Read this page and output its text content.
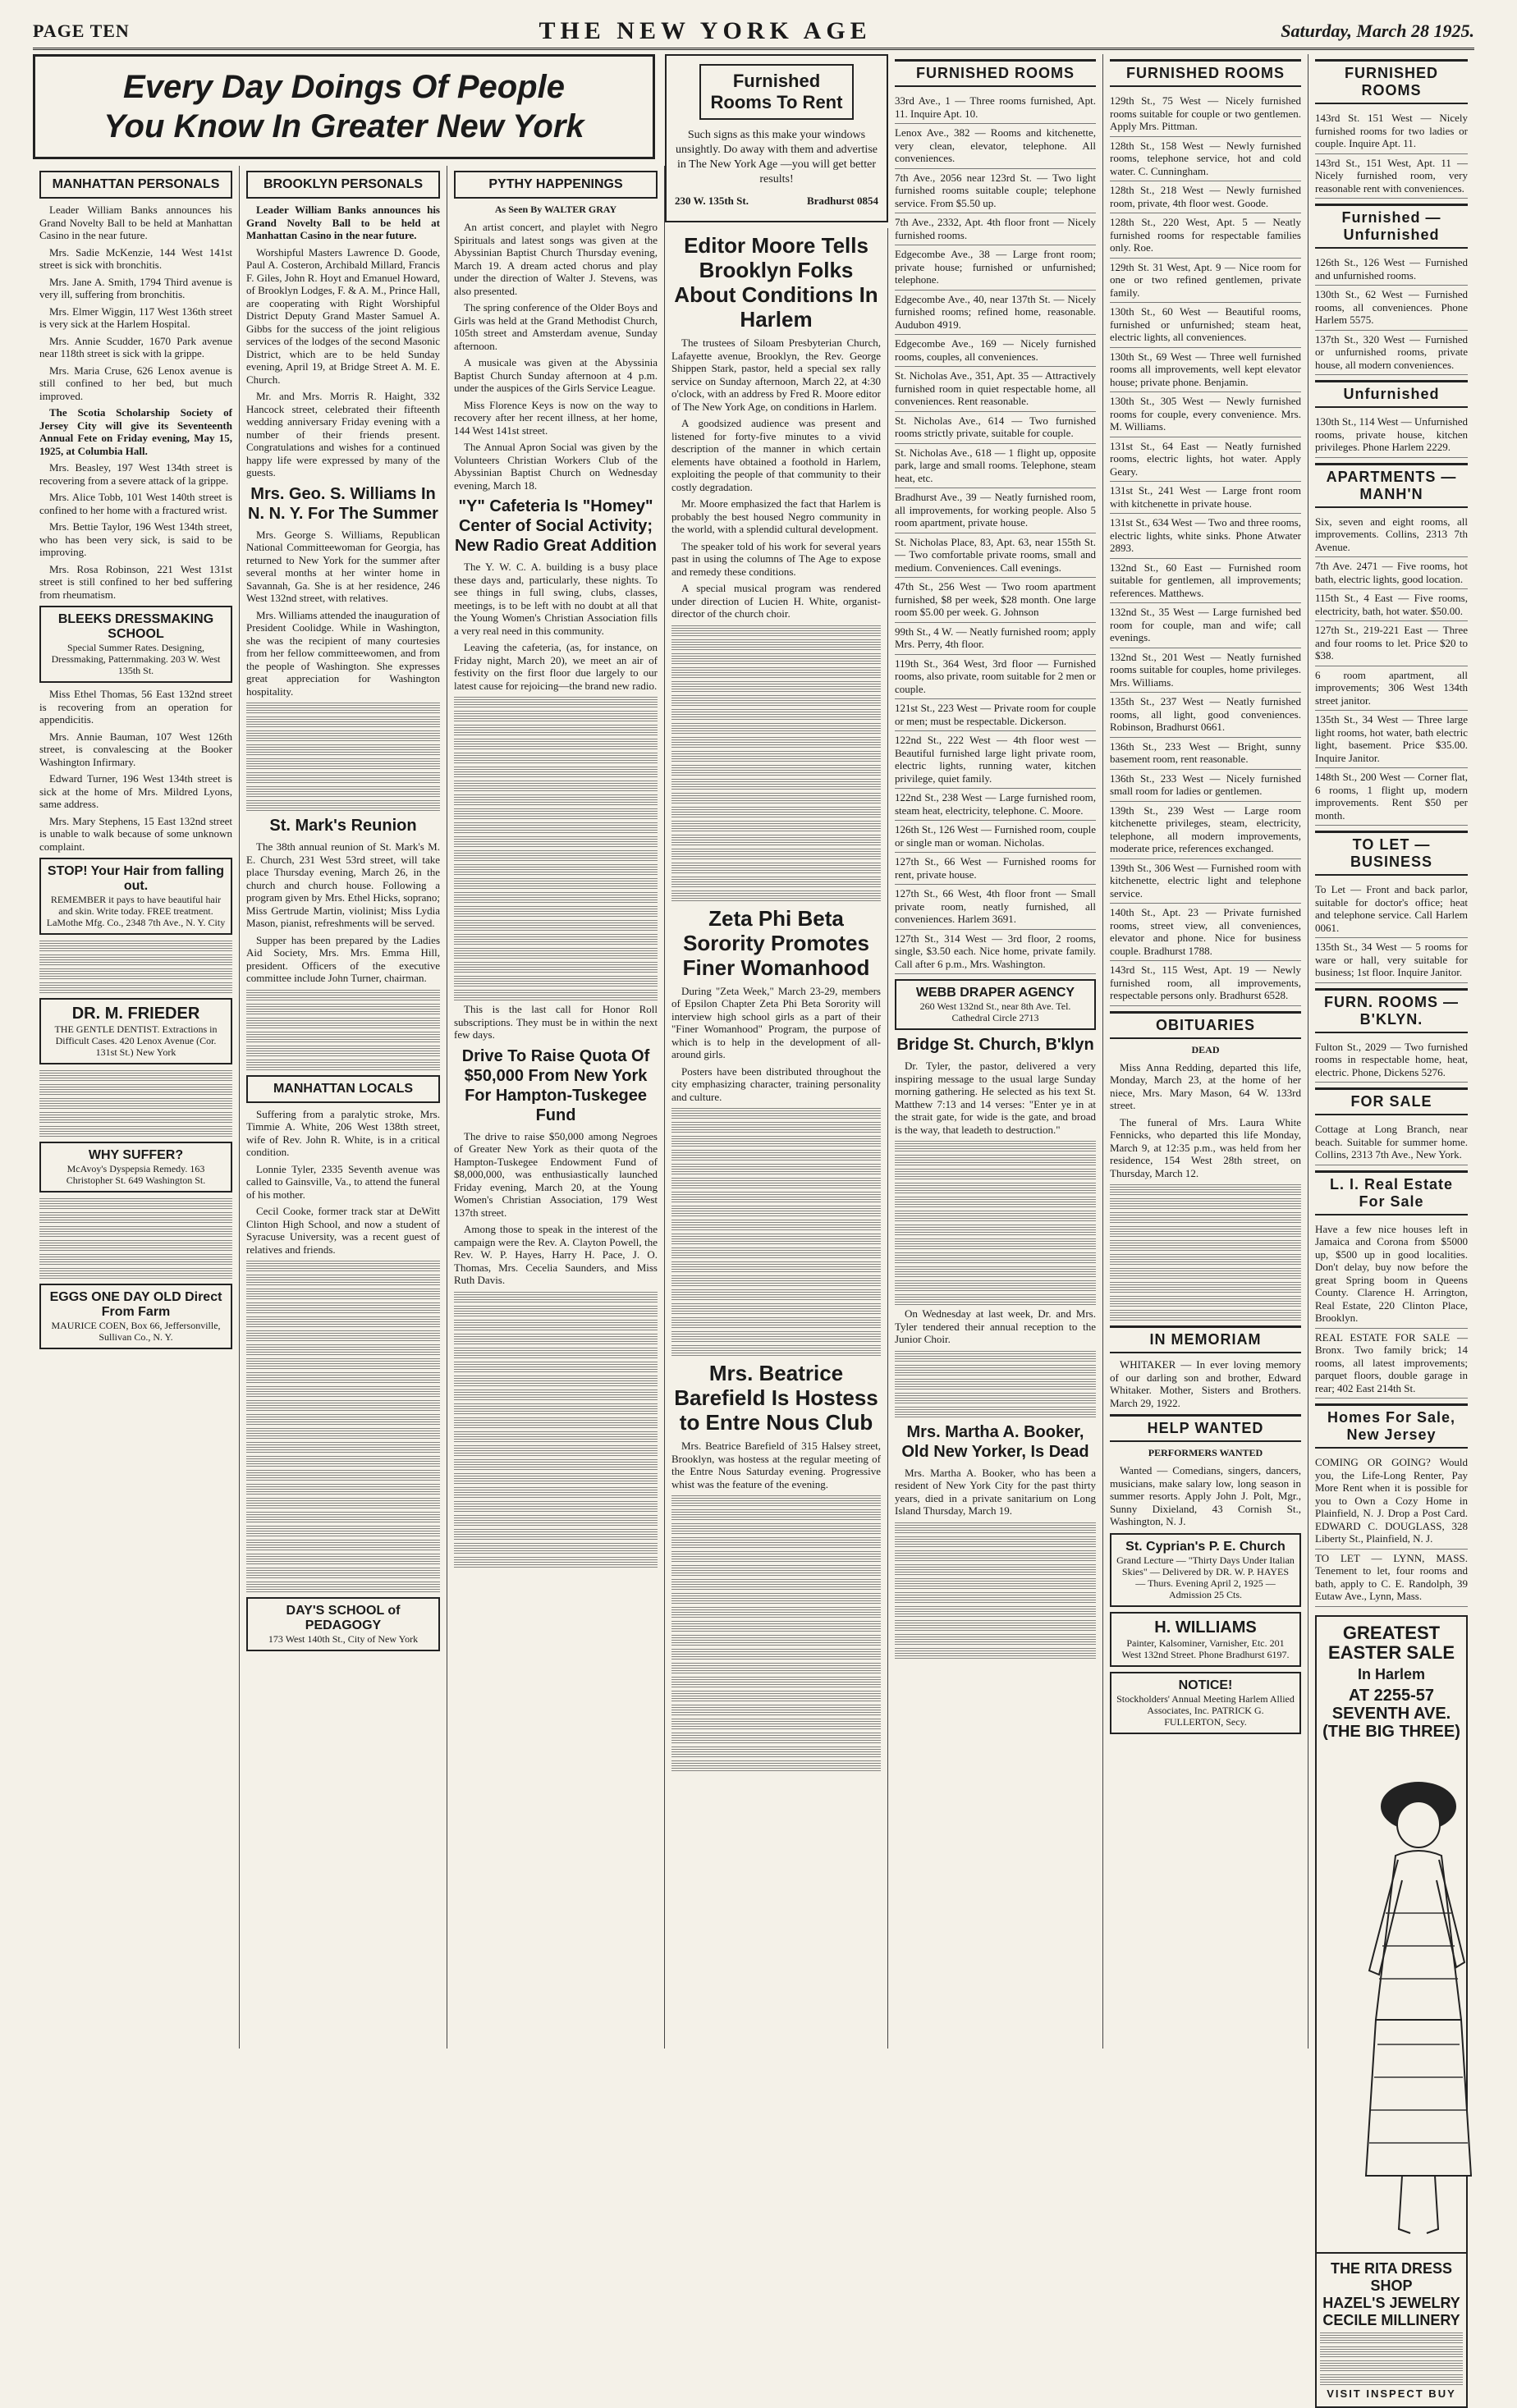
PAGE TEN	THE NEW YORK AGE	Saturday, March 28 1925.
Every Day Doings Of People
You Know In Greater New York
Furnished Rooms To Rent
Such signs as this make your windows unsightly. Do away with them and advertise in The New York Age —you will get better results!
230 W. 135th St.	Bradhurst 0854
MANHATTAN PERSONALS

Leader William Banks announces his Grand Novelty Ball to be held at Manhattan Casino in the near future.

Mrs. Sadie McKenzie, 144 West 141st street is sick with bronchitis.

Mrs. Jane A. Smith, 1794 Third avenue is very ill, suffering from bronchitis.

Mrs. Elmer Wiggin, 117 West 136th street is very sick at the Harlem Hospital.

Mrs. Annie Scudder, 1670 Park avenue near 118th street is sick with la grippe.

Mrs. Maria Cruse, 626 Lenox avenue is still confined to her bed, but much improved.

The Scotia Scholarship Society of Jersey City will give its Seventeenth Annual Fete on Friday evening, May 15, 1925, at Columbia Hall.

Mrs. Beasley, 197 West 134th street is recovering from a severe attack of la grippe.

Mrs. Alice Tobb, 101 West 140th street is confined to her home with a fractured wrist.

Mrs. Bettie Taylor, 196 West 134th street, who has been very sick, is said to be improving.

Mrs. Rosa Robinson, 221 West 131st street is still confined to her bed suffering from rheumatism.

BLEEKS DRESSMAKING SCHOOL
Special Summer Rates. Designing, Dressmaking, Patternmaking. 203 W. West 135th St.

Miss Ethel Thomas, 56 East 132nd street is recovering from an operation for appendicitis.

Mrs. Annie Bauman, 107 West 126th street, is convalescing at the Booker Washington Infirmary.

Edward Turner, 196 West 134th street is sick at the home of Mrs. Mildred Lyons, same address.

Mrs. Mary Stephens, 15 East 132nd street is unable to walk because of some unknown complaint.

STOP! Your Hair from falling out.
REMEMBER it pays to have beautiful hair and skin. Write today. FREE treatment. LaMothe Mfg. Co., 2348 7th Ave., N. Y. City
DR. M. FRIEDER
THE GENTLE DENTIST. Extractions in Difficult Cases. 420 Lenox Avenue (Cor. 131st St.) New York
WHY SUFFER?
McAvoy's Dyspepsia Remedy. 163 Christopher St. 649 Washington St.
EGGS ONE DAY OLD Direct From Farm
MAURICE COEN, Box 66, Jeffersonville, Sullivan Co., N. Y.
BROOKLYN PERSONALS

Leader William Banks announces his Grand Novelty Ball to be held at Manhattan Casino in the near future.

Worshipful Masters Lawrence D. Goode, Paul A. Costeron, Archibald Millard, Francis F. Giles, John R. Hoyt and Emanuel Howard, of Brooklyn Lodges, F. & A. M., Prince Hall, are cooperating with Right Worshipful District Deputy Grand Master Samuel A. Gibbs for the success of the joint religious services of the lodges of the second Masonic District, which are to be held Sunday evening, April 19, at Bridge Street A. M. E. Church.

Mr. and Mrs. Morris R. Haight, 332 Hancock street, celebrated their fifteenth wedding anniversary Friday evening with a number of their friends present. Congratulations and wishes for a continued happy life were expressed by many of the guests.

Mrs. Geo. S. Williams In N. N. Y. For The Summer

Mrs. George S. Williams, Republican National Committeewoman for Georgia, has returned to New York for the summer after several months at her winter home in Savannah, Ga. She is at her residence, 246 West 132nd street, with relatives.

Mrs. Williams attended the inauguration of President Coolidge. While in Washington, she was the recipient of many courtesies from her fellow committeewomen, and from the people of Washington. She expresses great appreciation for Washington hospitality.

St. Mark's Reunion

The 38th annual reunion of St. Mark's M. E. Church, 231 West 53rd street, will take place Thursday evening, March 26, in the church and church house. Following a program given by Mrs. Ethel Hicks, soprano; Miss Gertrude Martin, violinist; Miss Lydia Mason, pianist, refreshments will be served.

Supper has been prepared by the Ladies Aid Society, Mrs. Mrs. Emma Hill, president. Officers of the executive committee include John Turner, chairman.

MANHATTAN LOCALS

Suffering from a paralytic stroke, Mrs. Timmie A. White, 206 West 138th street, wife of Rev. John R. White, is in a critical condition.

Lonnie Tyler, 2335 Seventh avenue was called to Gainsville, Va., to attend the funeral of his mother.

Cecil Cooke, former track star at DeWitt Clinton High School, and now a student of Syracuse University, was a recent guest of relatives and friends.

DAY'S SCHOOL of PEDAGOGY
173 West 140th St., City of New York
PYTHY HAPPENINGS
As Seen By WALTER GRAY

An artist concert, and playlet with Negro Spirituals and latest songs was given at the Abyssinian Baptist Church Thursday evening, March 19. A dream acted chorus and play under the direction of Walter J. Stevens, was also presented.

The spring conference of the Older Boys and Girls was held at the Grand Methodist Church, 105th street and Amsterdam avenue, Sunday afternoon.

A musicale was given at the Abyssinia Baptist Church Sunday afternoon at 4 p.m. under the auspices of the Girls Service League.

Miss Florence Keys is now on the way to recovery after her recent illness, at her home, 144 West 141st street.

The Annual Apron Social was given by the Volunteers Christian Workers Club of the Abyssinian Baptist Church on Wednesday evening, March 18.

"Y" Cafeteria Is "Homey" Center of Social Activity; New Radio Great Addition

The Y. W. C. A. building is a busy place these days and, particularly, these nights. To see things in full swing, clubs, classes, meetings, is to be left with no doubt at all that the Young Women's Christian Association fills a very real need in this community.

Leaving the cafeteria, (as, for instance, on Friday night, March 20), we meet an air of festivity on the first floor due largely to our latest cause for rejoicing—the brand new radio.

This is the last call for Honor Roll subscriptions. They must be in within the next few days.

Drive To Raise Quota Of $50,000 From New York For Hampton-Tuskegee Fund

The drive to raise $50,000 among Negroes of Greater New York as their quota of the Hampton-Tuskegee Endowment Fund of $8,000,000, was enthusiastically launched Friday evening, March 20, at the Young Women's Christian Association, 179 West 137th street.

Among those to speak in the interest of the campaign were the Rev. A. Clayton Powell, the Rev. W. P. Hayes, Harry H. Pace, J. O. Thomas, Mrs. Cecelia Saunders, and Miss Ruth Davis.

Editor Moore Tells Brooklyn Folks About Conditions In Harlem

The trustees of Siloam Presbyterian Church, Lafayette avenue, Brooklyn, the Rev. George Shippen Stark, pastor, held a special sex rally service on Sunday afternoon, March 22, at 4:30 o'clock, with an address by Fred R. Moore editor of The New York Age, on conditions in Harlem.

A goodsized audience was present and listened for forty-five minutes to a vivid description of the manner in which certain elements have obtained a foothold in Harlem, exploiting the people of that community to their costly degradation.

Mr. Moore emphasized the fact that Harlem is probably the best housed Negro community in the world, with a splendid cultural development.

The speaker told of his work for several years past in using the columns of The Age to expose and remedy these conditions.

A special musical program was rendered under direction of Lucien H. White, organist-director of the church choir.

Zeta Phi Beta Sorority Promotes Finer Womanhood

During "Zeta Week," March 23-29, members of Epsilon Chapter Zeta Phi Beta Sorority will interview high school girls as a part of their "Finer Womanhood" Program, the purpose of which is to help in the development of all-around girls.

Posters have been distributed throughout the city emphasizing character, training personality and culture.

Mrs. Beatrice Barefield Is Hostess to Entre Nous Club

Mrs. Beatrice Barefield of 315 Halsey street, Brooklyn, was hostess at the regular meeting of the Entre Nous Saturday evening. Progressive whist was the feature of the evening.

FURNISHED ROOMS
33rd Ave., 1 — Three rooms furnished, Apt. 11. Inquire Apt. 10.
Lenox Ave., 382 — Rooms and kitchenette, very clean, elevator, telephone. All conveniences.
7th Ave., 2056 near 123rd St. — Two light furnished rooms suitable couple; telephone service. From $5.50 up.
7th Ave., 2332, Apt. 4th floor front — Nicely furnished rooms.
Edgecombe Ave., 38 — Large front room; private house; furnished or unfurnished; telephone.
Edgecombe Ave., 40, near 137th St. — Nicely furnished rooms; refined home, reasonable. Audubon 4919.
Edgecombe Ave., 169 — Nicely furnished rooms, couples, all conveniences.
St. Nicholas Ave., 351, Apt. 35 — Attractively furnished room in quiet respectable home, all conveniences. Rent reasonable.
St. Nicholas Ave., 614 — Two furnished rooms strictly private, suitable for couple.
St. Nicholas Ave., 618 — 1 flight up, opposite park, large and small rooms. Telephone, steam heat, etc.
Bradhurst Ave., 39 — Neatly furnished room, all improvements, for working people. Also 5 room apartment, private house.
St. Nicholas Place, 83, Apt. 63, near 155th St. — Two comfortable private rooms, small and medium. Conveniences. Call evenings.
47th St., 256 West — Two room apartment furnished, $8 per week, $28 month. One large room $5.00 per week. G. Johnson
99th St., 4 W. — Neatly furnished room; apply Mrs. Perry, 4th floor.
119th St., 364 West, 3rd floor — Furnished rooms, also private, room suitable for 2 men or couple.
121st St., 223 West — Private room for couple or men; must be respectable. Dickerson.
122nd St., 222 West — 4th floor west — Beautiful furnished large light private room, electric lights, running water, kitchen privilege, quiet family.
122nd St., 238 West — Large furnished room, steam heat, electricity, telephone. C. Moore.
126th St., 126 West — Furnished room, couple or single man or woman. Nicholas.
127th St., 66 West — Furnished rooms for rent, private house.
127th St., 66 West, 4th floor front — Small private room, neatly furnished, all conveniences. Harlem 3691.
127th St., 314 West — 3rd floor, 2 rooms, single, $3.50 each. Nice home, private family. Call after 6 p.m., Mrs. Washington.
WEBB DRAPER AGENCY
260 West 132nd St., near 8th Ave. Tel. Cathedral Circle 2713
Bridge St. Church, B'klyn

Dr. Tyler, the pastor, delivered a very inspiring message to the usual large Sunday morning gathering. He selected as his text St. Matthew 7:13 and 14 verses: "Enter ye in at the strait gate, for wide is the gate, and broad is the way, that leadeth to destruction."

On Wednesday at last week, Dr. and Mrs. Tyler tendered their annual reception to the Junior Choir.

Mrs. Martha A. Booker, Old New Yorker, Is Dead

Mrs. Martha A. Booker, who has been a resident of New York City for the past thirty years, died in a private sanitarium on Long Island Thursday, March 19.

FURNISHED ROOMS
129th St., 75 West — Nicely furnished rooms suitable for couple or two gentlemen. Apply Mrs. Pittman.
128th St., 158 West — Newly furnished rooms, telephone service, hot and cold water. C. Cunningham.
128th St., 218 West — Newly furnished room, private, 4th floor west. Goode.
128th St., 220 West, Apt. 5 — Neatly furnished rooms for respectable families only. Roe.
129th St. 31 West, Apt. 9 — Nice room for one or two refined gentlemen, private family.
130th St., 60 West — Beautiful rooms, furnished or unfurnished; steam heat, electric lights, all conveniences.
130th St., 69 West — Three well furnished rooms all improvements, well kept elevator house; private phone. Benjamin.
130th St., 305 West — Newly furnished rooms for couple, every convenience. Mrs. M. Williams.
131st St., 64 East — Neatly furnished rooms, electric lights, hot water. Apply Geary.
131st St., 241 West — Large front room with kitchenette in private house.
131st St., 634 West — Two and three rooms, electric lights, white sinks. Phone Atwater 2893.
132nd St., 60 East — Furnished room suitable for gentlemen, all improvements; references. Matthews.
132nd St., 35 West — Large furnished bed room for couple, man and wife; call evenings.
132nd St., 201 West — Neatly furnished rooms suitable for couples, home privileges. Mrs. Williams.
135th St., 237 West — Neatly furnished rooms, all light, good conveniences. Robinson, Bradhurst 0661.
136th St., 233 West — Bright, sunny basement room, rent reasonable.
136th St., 233 West — Nicely furnished small room for ladies or gentlemen.
139th St., 239 West — Large room kitchenette privileges, steam, electricity, telephone, all modern improvements, moderate price, references exchanged.
139th St., 306 West — Furnished room with kitchenette, electric light and telephone service.
140th St., Apt. 23 — Private furnished rooms, street view, all conveniences, elevator and phone. Nice for business couple. Bradhurst 1788.
143rd St., 115 West, Apt. 19 — Newly furnished room, all improvements, respectable persons only. Bradhurst 6528.
OBITUARIES
DEAD

Miss Anna Redding, departed this life, Monday, March 23, at the home of her niece, Mrs. Mary Mason, 64 W. 133rd street.

The funeral of Mrs. Laura White Fennicks, who departed this life Monday, March 9, at 12:35 p.m., was held from her residence, 154 West 28th street, on Thursday, March 12.

IN MEMORIAM

WHITAKER — In ever loving memory of our darling son and brother, Edward Whitaker. Mother, Sisters and Brothers. March 29, 1922.

HELP WANTED
PERFORMERS WANTED

Wanted — Comedians, singers, dancers, musicians, make salary low, long season in summer resorts. Apply John J. Polt, Mgr., Sunny Dixieland, 43 Cornish St., Washington, N. J.

St. Cyprian's P. E. Church
Grand Lecture — "Thirty Days Under Italian Skies" — Delivered by DR. W. P. HAYES — Thurs. Evening April 2, 1925 — Admission 25 Cts.
H. WILLIAMS
Painter, Kalsominer, Varnisher, Etc. 201 West 132nd Street. Phone Bradhurst 6197.
NOTICE!
Stockholders' Annual Meeting Harlem Allied Associates, Inc. PATRICK G. FULLERTON, Secy.
FURNISHED ROOMS
143rd St. 151 West — Nicely furnished rooms for two ladies or couple. Inquire Apt. 11.
143rd St., 151 West, Apt. 11 — Nicely furnished room, very reasonable rent with conveniences.
Furnished — Unfurnished
126th St., 126 West — Furnished and unfurnished rooms.
130th St., 62 West — Furnished rooms, all conveniences. Phone Harlem 5575.
137th St., 320 West — Furnished or unfurnished rooms, private house, all modern conveniences.
Unfurnished
130th St., 114 West — Unfurnished rooms, private house, kitchen privileges. Phone Harlem 2229.
APARTMENTS — MANH'N
Six, seven and eight rooms, all improvements. Collins, 2313 7th Avenue.
7th Ave. 2471 — Five rooms, hot bath, electric lights, good location.
115th St., 4 East — Five rooms, electricity, bath, hot water. $50.00.
127th St., 219-221 East — Three and four rooms to let. Price $20 to $38.
6 room apartment, all improvements; 306 West 134th street janitor.
135th St., 34 West — Three large light rooms, hot water, bath electric light, basement. Price $35.00. Inquire Janitor.
148th St., 200 West — Corner flat, 6 rooms, 1 flight up, modern improvements. Rent $50 per month.
TO LET — BUSINESS
To Let — Front and back parlor, suitable for doctor's office; heat and telephone service. Call Harlem 0061.
135th St., 34 West — 5 rooms for ware or hall, very suitable for business; 1st floor. Inquire Janitor.
FURN. ROOMS — B'KLYN.
Fulton St., 2029 — Two furnished rooms in respectable home, heat, electric. Phone, Dickens 5276.
FOR SALE
Cottage at Long Branch, near beach. Suitable for summer home. Collins, 2313 7th Ave., New York.
L. I. Real Estate For Sale
Have a few nice houses left in Jamaica and Corona from $5000 up, $500 up in good localities. Don't delay, buy now before the great Spring boom in Queens County. Clarence H. Arrington, Real Estate, 220 Clinton Place, Brooklyn.
REAL ESTATE FOR SALE — Bronx. Two family brick; 14 rooms, all latest improvements; parquet floors, double garage in rear; 402 East 214th St.
Homes For Sale, New Jersey
COMING OR GOING? Would you, the Life-Long Renter, Pay More Rent when it is possible for you to Own a Cozy Home in Plainfield, N. J. Drop a Post Card. EDWARD C. DOUGLASS, 328 Liberty St., Plainfield, N. J.
TO LET — LYNN, MASS. Tenement to let, four rooms and bath, apply to C. E. Randolph, 39 Eutaw Ave., Lynn, Mass.
GREATEST EASTER SALE
In Harlem
AT 2255-57 SEVENTH AVE.
(THE BIG THREE)
THE RITA DRESS SHOP
HAZEL'S JEWELRY
CECILE MILLINERY
VISIT INSPECT BUY
